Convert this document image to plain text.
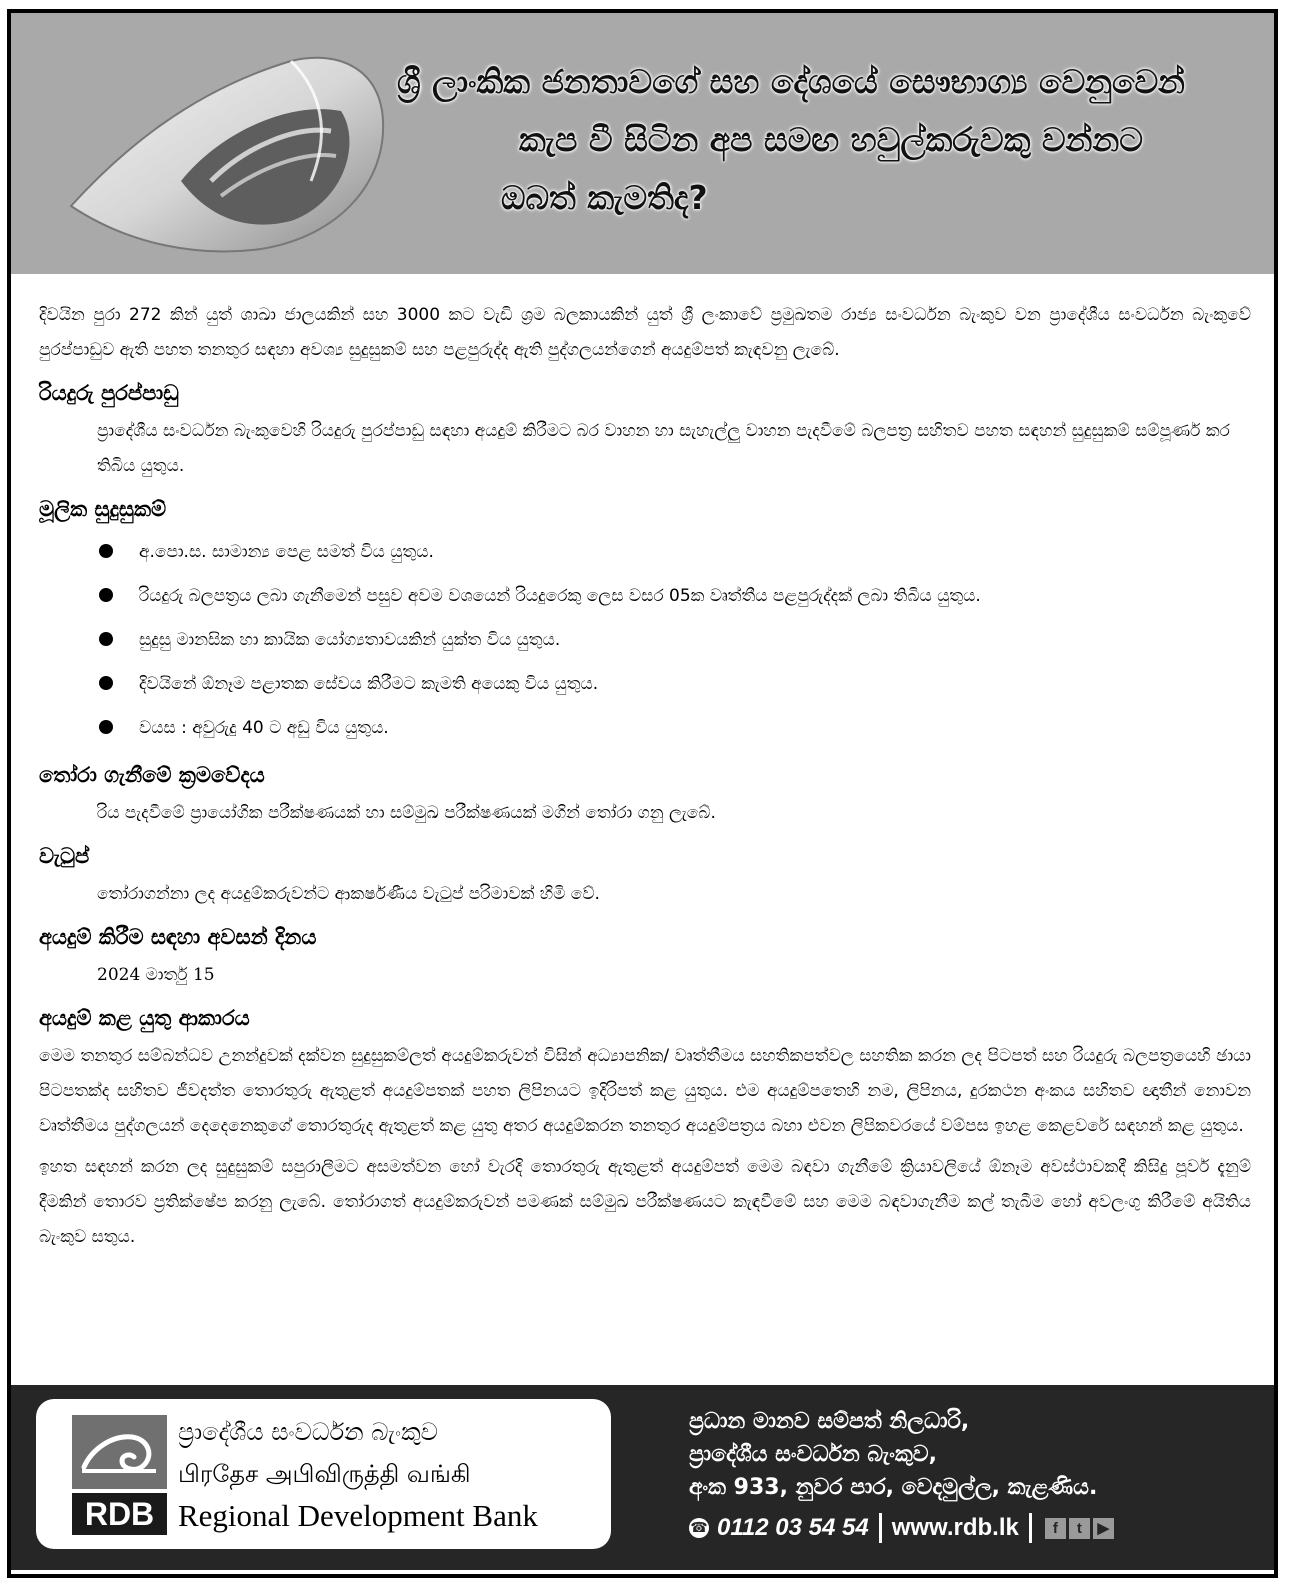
ශ්‍රී ලාංකික ජනතාවගේ සහ දේශයේ සෞභාග්‍ය වෙනුවෙන්
කැප වී සිටින අප සමඟ හවුල්කරුවකු වන්නට
ඔබත් කැමතිද?

දිවයින පුරා 272 කින් යුත් ශාඛා ජාලයකින් සහ 3000 කට වැඩි ශ්‍රම බලකායකින් යුත් ශ්‍රී ලංකාවේ ප්‍රමුඛතම රාජ්‍ය සංවර්ධන බැංකුව වන ප්‍රාදේශීය සංවර්ධන බැංකුවේ පුරප්පාඩුව ඇති පහත තනතුර සඳහා අවශ්‍ය සුදුසුකම් සහ පළපුරුද්ද ඇති පුද්ගලයන්ගෙන් අයදුම්පත් කැඳවනු ලැබේ.

රියදුරු පුරප්පාඩු

ප්‍රාදේශීය සංවර්ධන බැංකුවෙහි රියදුරු පුරප්පාඩු සඳහා අයදුම් කිරීමට බර වාහන හා සැහැල්ලු වාහන පැදවීමේ බලපත්‍ර සහිතව පහත සඳහන් සුදුසුකම් සම්පූර්ණ කර තිබිය යුතුය.

මූලික සුදුසුකම්
අ.පො.ස. සාමාන්‍ය පෙළ සමත් විය යුතුය.
රියදුරු බලපත්‍රය ලබා ගැනීමෙන් පසුව අවම වශයෙන් රියදුරෙකු ලෙස වසර 05ක වෘත්තීය පළපුරුද්දක් ලබා තිබිය යුතුය.
සුදුසු මානසික හා කායික යෝග්‍යතාවයකින් යුක්ත විය යුතුය.
දිවයිනේ ඕනෑම පළාතක සේවය කිරීමට කැමති අයෙකු විය යුතුය.
වයස : අවුරුදු 40 ට අඩු විය යුතුය.
තෝරා ගැනීමේ ක්‍රමවේදය

රිය පැදවීමේ ප්‍රායෝගික පරීක්ෂණයක් හා සම්මුඛ පරීක්ෂණයක් මගින් තෝරා ගනු ලැබේ.

වැටුප්

තෝරාගන්නා ලද අයදුම්කරුවන්ට ආකර්ෂණීය වැටුප් පරිමාවක් හිමි වේ.

අයදුම් කිරීම සඳහා අවසන් දිනය

2024 මාර්තු 15

අයදුම් කළ යුතු ආකාරය

මෙම තනතුර සම්බන්ධව උනන්දුවක් දක්වන සුදුසුකම්ලත් අයදුම්කරුවන් විසින් අධ්‍යාපනික/ වෘත්තීමය සහතිකපත්වල සහතික කරන ලද පිටපත් සහ රියදුරු බලපත්‍රයෙහි ඡායා පිටපතක්ද සහිතව ජීවදත්ත තොරතුරු ඇතුළත් අයදුම්පතක් පහත ලිපිනයට ඉදිරිපත් කළ යුතුය. එම අයදුම්පතෙහි නම, ලිපිනය, දුරකථන අංකය සහිතව ඥාතීන් නොවන වෘත්තීමය පුද්ගලයන් දෙදෙනෙකුගේ තොරතුරුද ඇතුළත් කළ යුතු අතර අයදුම්කරන තනතුර අයදුම්පත්‍රය බහා එවන ලිපිකවරයේ වම්පස ඉහළ කෙළවරේ සඳහන් කළ යුතුය.

ඉහත සඳහන් කරන ලද සුදුසුකම් සපුරාලීමට අසමත්වන හෝ වැරදි තොරතුරු ඇතුළත් අයදුම්පත් මෙම බඳවා ගැනීමේ ක්‍රියාවලියේ ඕනෑම අවස්ථාවකදී කිසිදු පූර්ව දැනුම් දීමකින් තොරව ප්‍රතික්ෂේප කරනු ලැබේ. තෝරාගත් අයදුම්කරුවන් පමණක් සම්මුඛ පරීක්ෂණයට කැඳවීමේ සහ මෙම බඳවාගැනීම කල් තැබීම හෝ අවලංගු කිරීමේ අයිතිය බැංකුව සතුය.

RDB
ප්‍රාදේශීය සංවර්ධන බැංකුව
பிரதேச அபிவிருத்தி வங்கி
Regional Development Bank
ප්‍රධාන මානව සම්පත් නිලධාරි,
ප්‍රාදේශීය සංවර්ධන බැංකුව,
අංක 933, නුවර පාර, වෙදමුල්ල, කැළණිය.
☎ 0112 03 54 54 www.rdb.lk	f	t	▶
